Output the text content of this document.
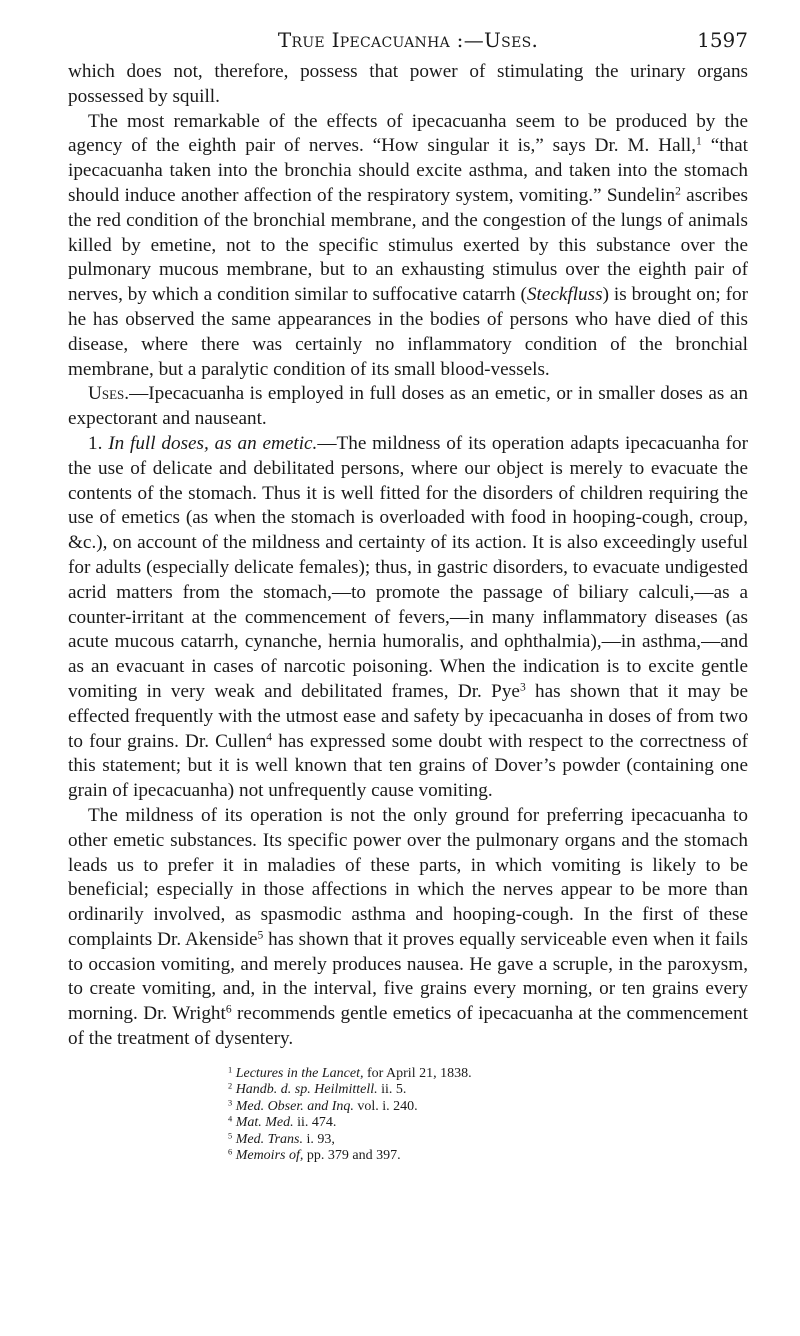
True Ipecacuanha :—Uses.	1597

which does not, therefore, possess that power of stimulating the urinary organs possessed by squill.

The most remarkable of the effects of ipecacuanha seem to be produced by the agency of the eighth pair of nerves. “How singular it is,” says Dr. M. Hall,$^1$ “that ipecacuanha taken into the bronchia should excite asthma, and taken into the stomach should induce another affection of the respiratory system, vomiting.” Sundelin$^2$ ascribes the red condition of the bronchial membrane, and the congestion of the lungs of animals killed by emetine, not to the specific stimulus exerted by this substance over the pulmonary mucous membrane, but to an exhausting stimulus over the eighth pair of nerves, by which a condition similar to suffocative catarrh (Steckfluss) is brought on; for he has observed the same appearances in the bodies of persons who have died of this disease, where there was certainly no inflammatory condition of the bronchial membrane, but a paralytic condition of its small blood-vessels.

Uses.—Ipecacuanha is employed in full doses as an emetic, or in smaller doses as an expectorant and nauseant.

1. In full doses, as an emetic.—The mildness of its operation adapts ipecacuanha for the use of delicate and debilitated persons, where our object is merely to evacuate the contents of the stomach. Thus it is well fitted for the disorders of children requiring the use of emetics (as when the stomach is overloaded with food in hooping-cough, croup, &c.), on account of the mildness and certainty of its action. It is also exceedingly useful for adults (especially delicate females); thus, in gastric disorders, to evacuate undigested acrid matters from the stomach,—to promote the passage of biliary calculi,—as a counter-irritant at the commencement of fevers,—in many inflammatory diseases (as acute mucous catarrh, cynanche, hernia humoralis, and ophthalmia),—in asthma,—and as an evacuant in cases of narcotic poisoning. When the indication is to excite gentle vomiting in very weak and debilitated frames, Dr. Pye$^3$ has shown that it may be effected frequently with the utmost ease and safety by ipecacuanha in doses of from two to four grains. Dr. Cullen$^4$ has expressed some doubt with respect to the correctness of this statement; but it is well known that ten grains of Dover’s powder (containing one grain of ipecacuanha) not unfrequently cause vomiting.

The mildness of its operation is not the only ground for preferring ipecacuanha to other emetic substances. Its specific power over the pulmonary organs and the stomach leads us to prefer it in maladies of these parts, in which vomiting is likely to be beneficial; especially in those affections in which the nerves appear to be more than ordinarily involved, as spasmodic asthma and hooping-cough. In the first of these complaints Dr. Akenside$^5$ has shown that it proves equally serviceable even when it fails to occasion vomiting, and merely produces nausea. He gave a scruple, in the paroxysm, to create vomiting, and, in the interval, five grains every morning, or ten grains every morning. Dr. Wright$^6$ recommends gentle emetics of ipecacuanha at the commencement of the treatment of dysentery.

$^1$ Lectures in the Lancet, for April 21, 1838.
$^2$ Handb. d. sp. Heilmittell. ii. 5.
$^3$ Med. Obser. and Inq. vol. i. 240.
$^4$ Mat. Med. ii. 474.
$^5$ Med. Trans. i. 93,
$^6$ Memoirs of, pp. 379 and 397.
